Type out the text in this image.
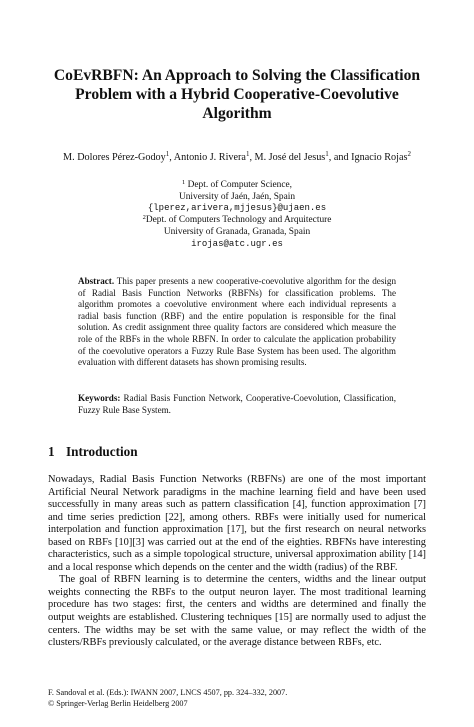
CoEvRBFN: An Approach to Solving the Classification
Problem with a Hybrid Cooperative-Coevolutive
Algorithm
M. Dolores Pérez-Godoy$^1$, Antonio J. Rivera$^1$, M. José del Jesus$^1$, and Ignacio Rojas$^2$
$^1$ Dept. of Computer Science,
University of Jaén, Jaén, Spain
{lperez,arivera,mjjesus}@ujaen.es
$^2$Dept. of Computers Technology and Arquitecture
University of Granada, Granada, Spain
irojas@atc.ugr.es
Abstract. This paper presents a new cooperative-coevolutive algorithm for the design of Radial Basis Function Networks (RBFNs) for classification problems. The algorithm promotes a coevolutive environment where each individual represents a radial basis function (RBF) and the entire population is responsible for the final solution. As credit assignment three quality factors are considered which measure the role of the RBFs in the whole RBFN. In order to calculate the application probability of the coevolutive operators a Fuzzy Rule Base System has been used. The algorithm evaluation with different datasets has shown promising results.
Keywords: Radial Basis Function Network, Cooperative-Coevolution, Classification, Fuzzy Rule Base System.
1 Introduction

Nowadays, Radial Basis Function Networks (RBFNs) are one of the most important Artificial Neural Network paradigms in the machine learning field and have been used successfully in many areas such as pattern classification [4], function approximation [7] and time series prediction [22], among others. RBFs were initially used for numerical interpolation and function approximation [17], but the first research on neural networks based on RBFs [10][3] was carried out at the end of the eighties. RBFNs have interesting characteristics, such as a simple topological structure, universal approximation ability [14] and a local response which depends on the center and the width (radius) of the RBF.

The goal of RBFN learning is to determine the centers, widths and the linear output weights connecting the RBFs to the output neuron layer. The most traditional learning procedure has two stages: first, the centers and widths are determined and finally the output weights are established. Clustering techniques [15] are normally used to adjust the centers. The widths may be set with the same value, or may reflect the width of the clusters/RBFs previously calculated, or the average distance between RBFs, etc.

F. Sandoval et al. (Eds.): IWANN 2007, LNCS 4507, pp. 324–332, 2007.
© Springer-Verlag Berlin Heidelberg 2007
